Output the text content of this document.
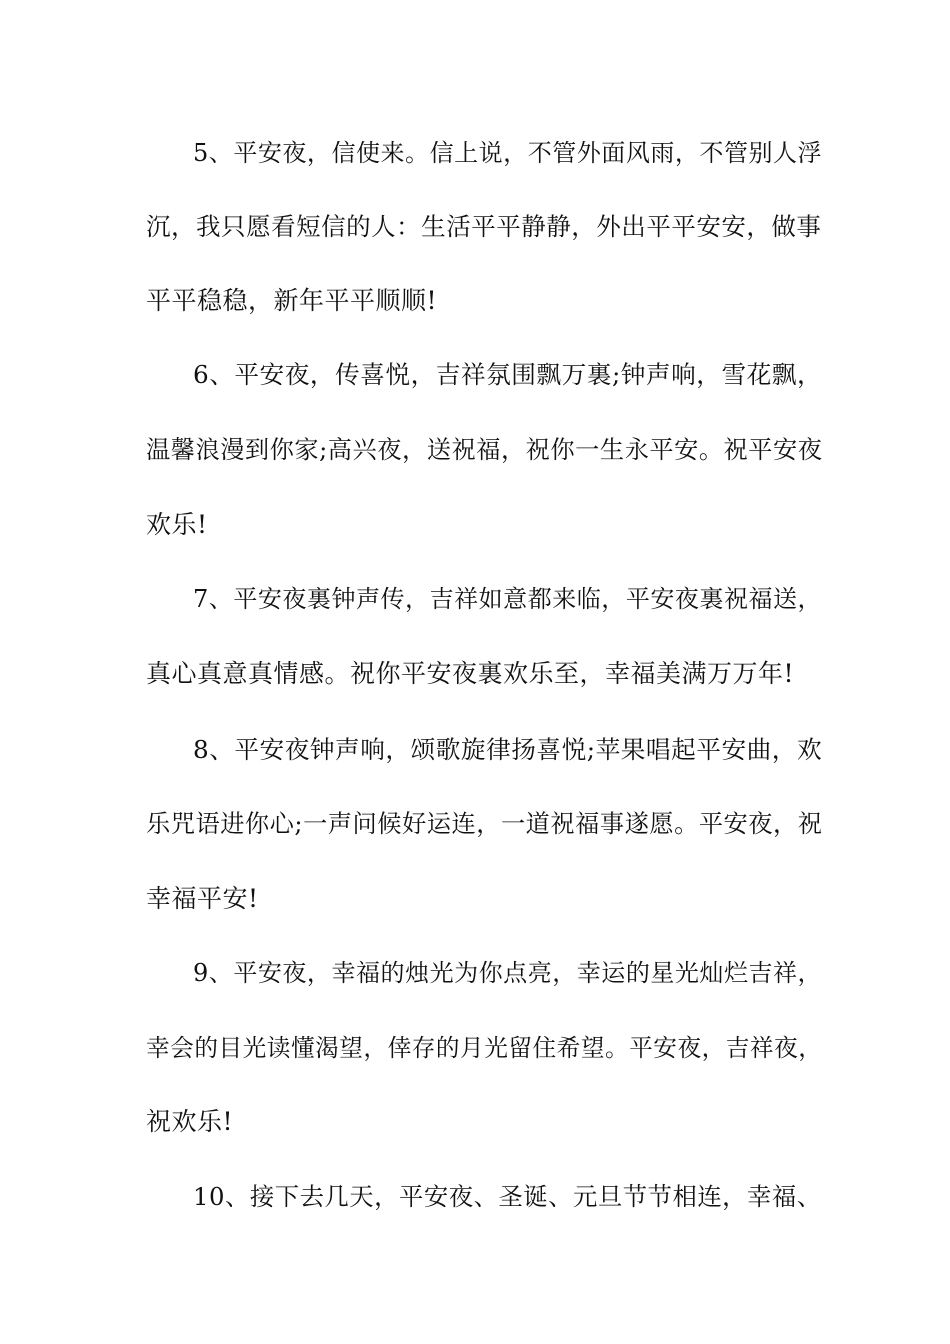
5、平安夜，信使来。信上说，不管外面风雨，不管别人浮
沉，我只愿看短信的人：生活平平静静，外出平平安安，做事
平平稳稳，新年平平顺顺!
6、平安夜，传喜悦，吉祥氛围飘万裏;钟声响，雪花飘，
温馨浪漫到你家;高兴夜，送祝福，祝你一生永平安。祝平安夜
欢乐!
7、平安夜裏钟声传，吉祥如意都来临，平安夜裏祝福送，
真心真意真情感。祝你平安夜裏欢乐至，幸福美满万万年!
8、平安夜钟声响，颂歌旋律扬喜悦;苹果唱起平安曲，欢
乐咒语进你心;一声问候好运连，一道祝福事遂愿。平安夜，祝
幸福平安!
9、平安夜，幸福的烛光为你点亮，幸运的星光灿烂吉祥，
幸会的目光读懂渴望，倖存的月光留住希望。平安夜，吉祥夜，
祝欢乐!
10、接下去几天，平安夜、圣诞、元旦节节相连，幸福、
